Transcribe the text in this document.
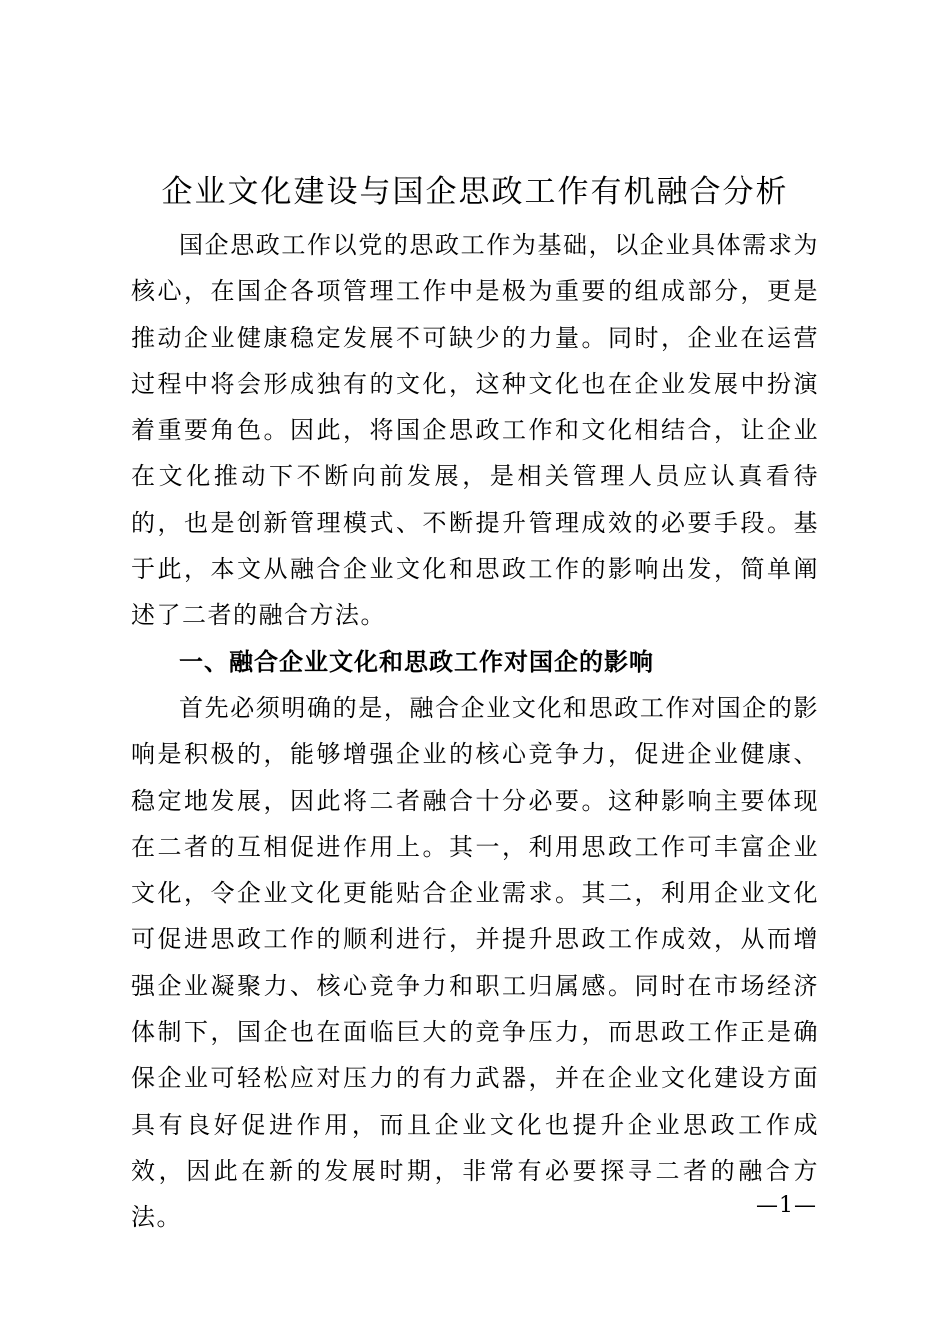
企业文化建设与国企思政工作有机融合分析

国企思政工作以党的思政工作为基础，以企业具体需求为核心，在国企各项管理工作中是极为重要的组成部分，更是推动企业健康稳定发展不可缺少的力量。同时，企业在运营过程中将会形成独有的文化，这种文化也在企业发展中扮演着重要角色。因此，将国企思政工作和文化相结合，让企业在文化推动下不断向前发展，是相关管理人员应认真看待的，也是创新管理模式、不断提升管理成效的必要手段。基于此，本文从融合企业文化和思政工作的影响出发，简单阐述了二者的融合方法。

一、融合企业文化和思政工作对国企的影响

首先必须明确的是，融合企业文化和思政工作对国企的影响是积极的，能够增强企业的核心竞争力，促进企业健康、稳定地发展，因此将二者融合十分必要。这种影响主要体现在二者的互相促进作用上。其一，利用思政工作可丰富企业文化，令企业文化更能贴合企业需求。其二，利用企业文化可促进思政工作的顺利进行，并提升思政工作成效，从而增强企业凝聚力、核心竞争力和职工归属感。同时在市场经济体制下，国企也在面临巨大的竞争压力，而思政工作正是确保企业可轻松应对压力的有力武器，并在企业文化建设方面具有良好促进作用，而且企业文化也提升企业思政工作成效，因此在新的发展时期，非常有必要探寻二者的融合方法。	—1—
